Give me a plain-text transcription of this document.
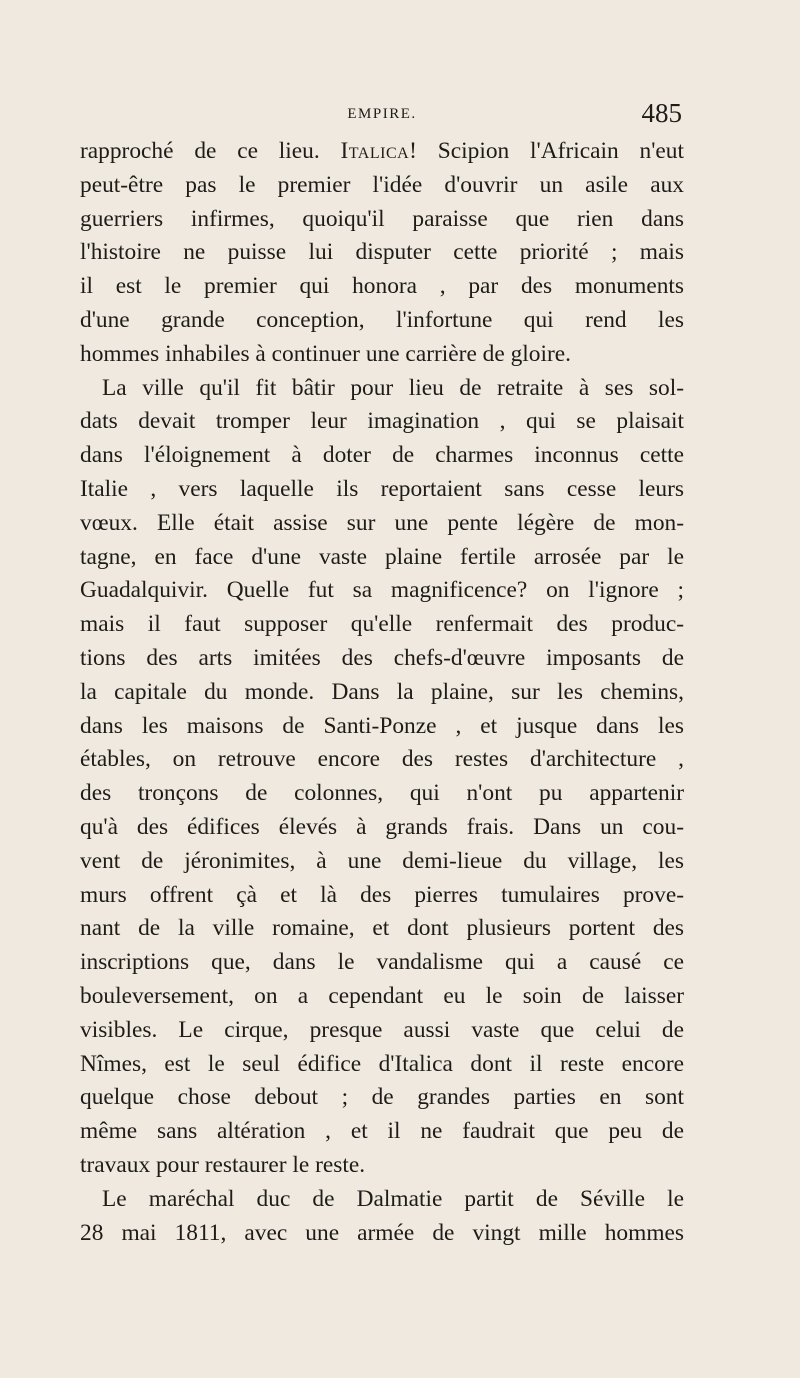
EMPIRE.	485
rapproché de ce lieu. Italica! Scipion l'Africain n'eut
peut-être pas le premier l'idée d'ouvrir un asile aux
guerriers infirmes, quoiqu'il paraisse que rien dans
l'histoire ne puisse lui disputer cette priorité ; mais
il est le premier qui honora , par des monuments
d'une grande conception, l'infortune qui rend les
hommes inhabiles à continuer une carrière de gloire.
La ville qu'il fit bâtir pour lieu de retraite à ses sol-
dats devait tromper leur imagination , qui se plaisait
dans l'éloignement à doter de charmes inconnus cette
Italie , vers laquelle ils reportaient sans cesse leurs
vœux. Elle était assise sur une pente légère de mon-
tagne, en face d'une vaste plaine fertile arrosée par le
Guadalquivir. Quelle fut sa magnificence? on l'ignore ;
mais il faut supposer qu'elle renfermait des produc-
tions des arts imitées des chefs-d'œuvre imposants de
la capitale du monde. Dans la plaine, sur les chemins,
dans les maisons de Santi-Ponze , et jusque dans les
étables, on retrouve encore des restes d'architecture ,
des tronçons de colonnes, qui n'ont pu appartenir
qu'à des édifices élevés à grands frais. Dans un cou-
vent de jéronimites, à une demi-lieue du village, les
murs offrent çà et là des pierres tumulaires prove-
nant de la ville romaine, et dont plusieurs portent des
inscriptions que, dans le vandalisme qui a causé ce
bouleversement, on a cependant eu le soin de laisser
visibles. Le cirque, presque aussi vaste que celui de
Nîmes, est le seul édifice d'Italica dont il reste encore
quelque chose debout ; de grandes parties en sont
même sans altération , et il ne faudrait que peu de
travaux pour restaurer le reste.
Le maréchal duc de Dalmatie partit de Séville le
28 mai 1811, avec une armée de vingt mille hommes
